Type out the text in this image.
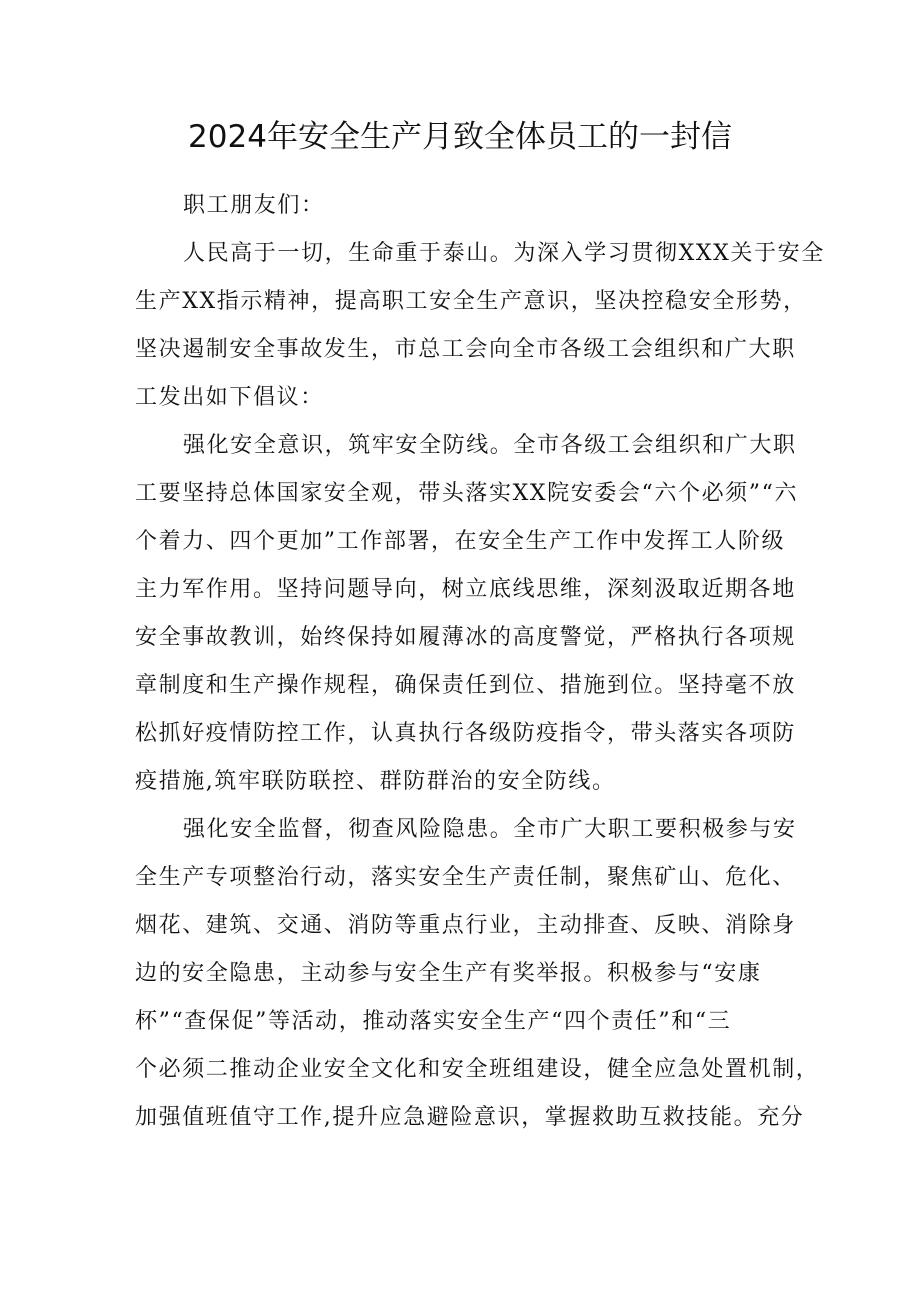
2024年安全生产月致全体员工的一封信
职工朋友们：
人民高于一切，生命重于泰山。为深入学习贯彻XXX关于安全
生产XX指示精神，提高职工安全生产意识，坚决控稳安全形势，
坚决遏制安全事故发生，市总工会向全市各级工会组织和广大职
工发出如下倡议：
强化安全意识，筑牢安全防线。全市各级工会组织和广大职
工要坚持总体国家安全观，带头落实XX院安委会“六个必须”“六
个着力、四个更加”工作部署，在安全生产工作中发挥工人阶级
主力军作用。坚持问题导向，树立底线思维，深刻汲取近期各地
安全事故教训，始终保持如履薄冰的高度警觉，严格执行各项规
章制度和生产操作规程，确保责任到位、措施到位。坚持毫不放
松抓好疫情防控工作，认真执行各级防疫指令，带头落实各项防
疫措施,筑牢联防联控、群防群治的安全防线。
强化安全监督，彻查风险隐患。全市广大职工要积极参与安
全生产专项整治行动，落实安全生产责任制，聚焦矿山、危化、
烟花、建筑、交通、消防等重点行业，主动排查、反映、消除身
边的安全隐患，主动参与安全生产有奖举报。积极参与“安康
杯”“查保促”等活动，推动落实安全生产“四个责任”和“三
个必须二推动企业安全文化和安全班组建设，健全应急处置机制，
加强值班值守工作,提升应急避险意识，掌握救助互救技能。充分
